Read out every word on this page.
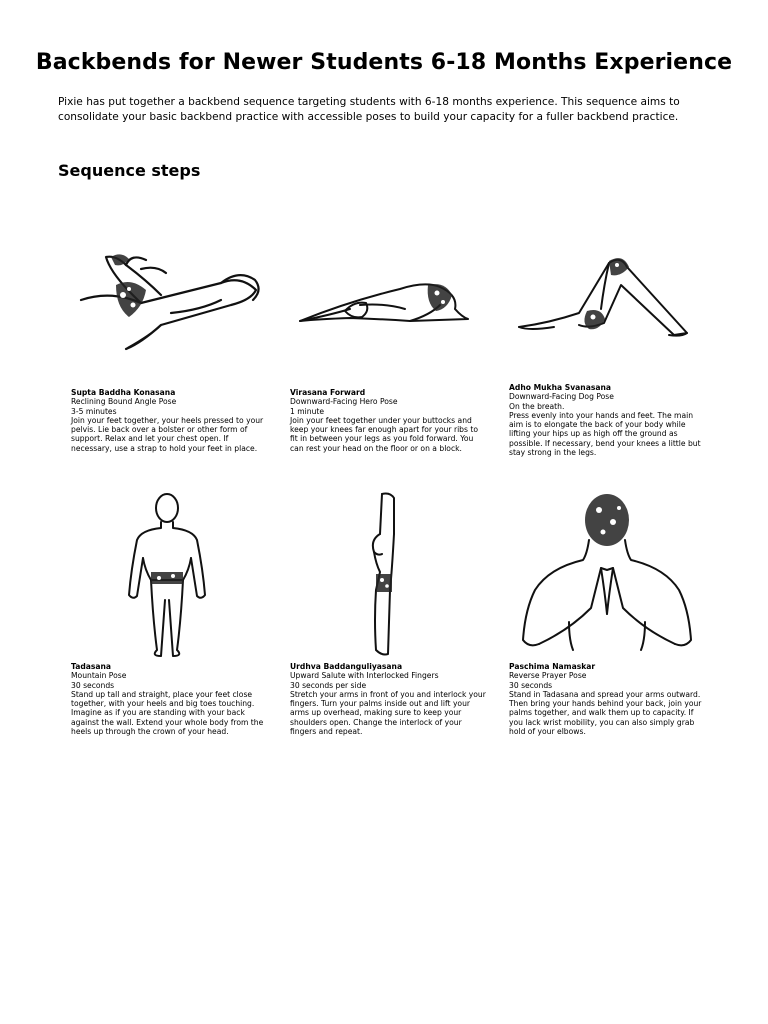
Backbends for Newer Students 6-18 Months Experience

Pixie has put together a backbend sequence targeting students with 6-18 months experience. This sequence aims to consolidate your basic backbend practice with accessible poses to build your capacity for a fuller backbend practice.

Sequence steps
Supta Baddha Konasana
Reclining Bound Angle Pose
3-5 minutes
Join your feet together, your heels pressed to your pelvis. Lie back over a bolster or other form of support. Relax and let your chest open. If necessary, use a strap to hold your feet in place.
Virasana Forward
Downward-Facing Hero Pose
1 minute
Join your feet together under your buttocks and keep your knees far enough apart for your ribs to fit in between your legs as you fold forward. You can rest your head on the floor or on a block.
Adho Mukha Svanasana
Downward-Facing Dog Pose
On the breath.
Press evenly into your hands and feet. The main aim is to elongate the back of your body while lifting your hips up as high off the ground as possible. If necessary, bend your knees a little but stay strong in the legs.
Tadasana
Mountain Pose
30 seconds
Stand up tall and straight, place your feet close together, with your heels and big toes touching. Imagine as if you are standing with your back against the wall. Extend your whole body from the heels up through the crown of your head.
Urdhva Baddanguliyasana
Upward Salute with Interlocked Fingers
30 seconds per side
Stretch your arms in front of you and interlock your fingers. Turn your palms inside out and lift your arms up overhead, making sure to keep your shoulders open. Change the interlock of your fingers and repeat.
Paschima Namaskar
Reverse Prayer Pose
30 seconds
Stand in Tadasana and spread your arms outward. Then bring your hands behind your back, join your palms together, and walk them up to capacity. If you lack wrist mobility, you can also simply grab hold of your elbows.
